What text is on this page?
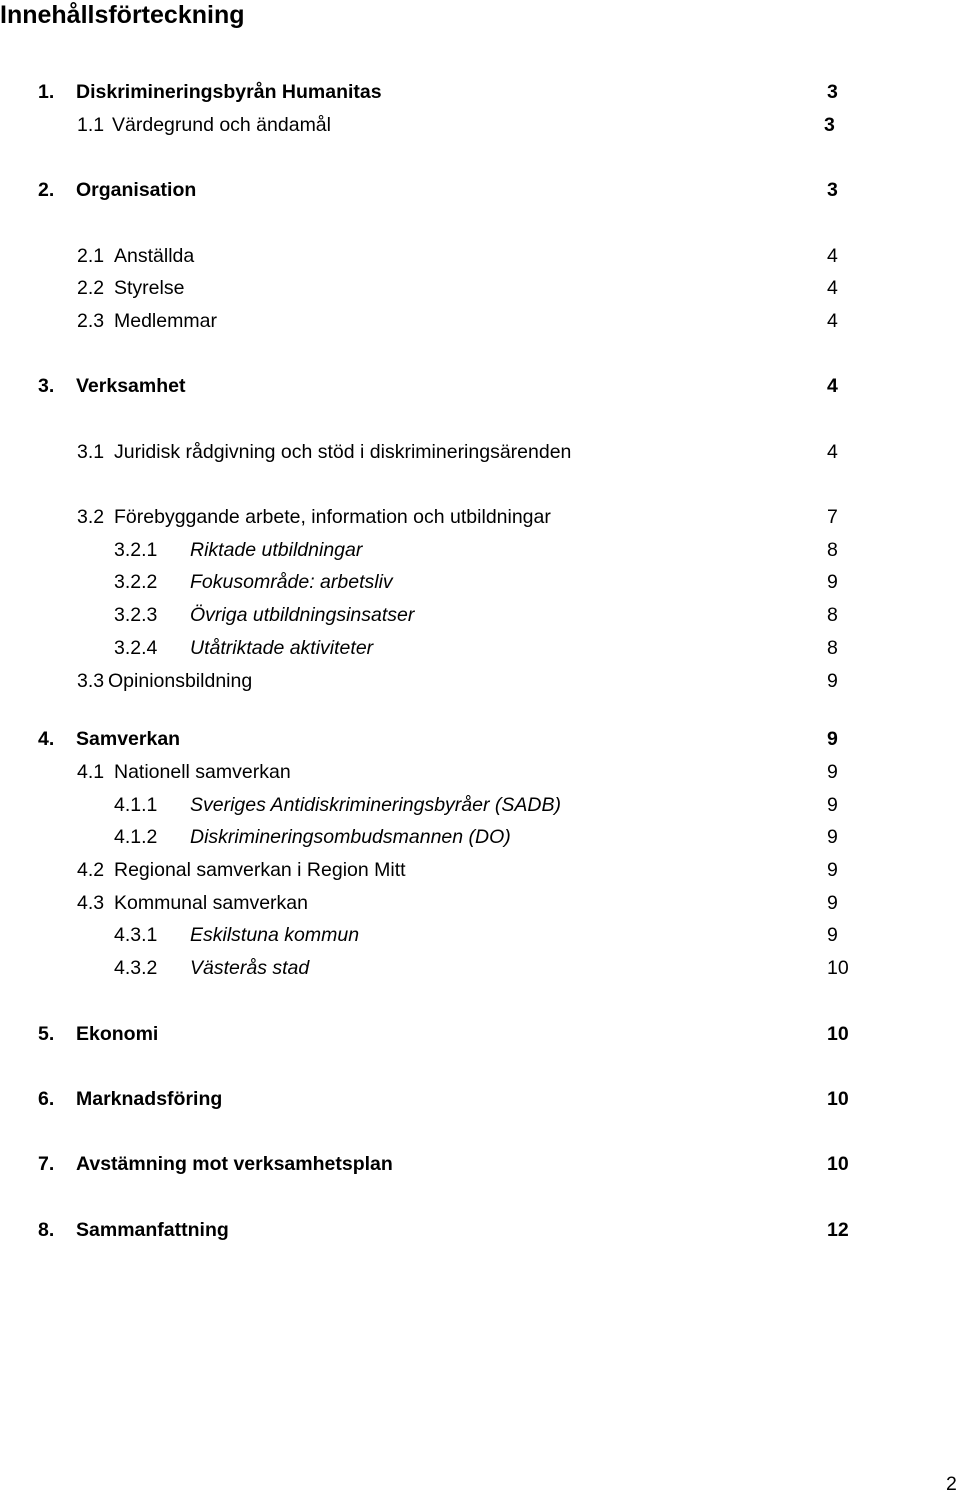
Innehållsförteckning
1. Diskrimineringsbyrån Humanitas	3
1.1 Värdegrund och ändamål	3
2. Organisation	3
2.1 Anställda	4
2.2 Styrelse	4
2.3 Medlemmar	4
3. Verksamhet	4
3.1 Juridisk rådgivning och stöd i diskrimineringsärenden	4
3.2 Förebyggande arbete, information och utbildningar	7
3.2.1 Riktade utbildningar	8
3.2.2 Fokusområde: arbetsliv	9
3.2.3 Övriga utbildningsinsatser	8
3.2.4 Utåtriktade aktiviteter	8
3.3 Opinionsbildning	9
4. Samverkan	9
4.1 Nationell samverkan	9
4.1.1 Sveriges Antidiskrimineringsbyråer (SADB)	9
4.1.2 Diskrimineringsombudsmannen (DO)	9
4.2 Regional samverkan i Region Mitt	9
4.3 Kommunal samverkan	9
4.3.1 Eskilstuna kommun	9
4.3.2 Västerås stad	10
5. Ekonomi	10
6. Marknadsföring	10
7. Avstämning mot verksamhetsplan	10
8. Sammanfattning	12
2
